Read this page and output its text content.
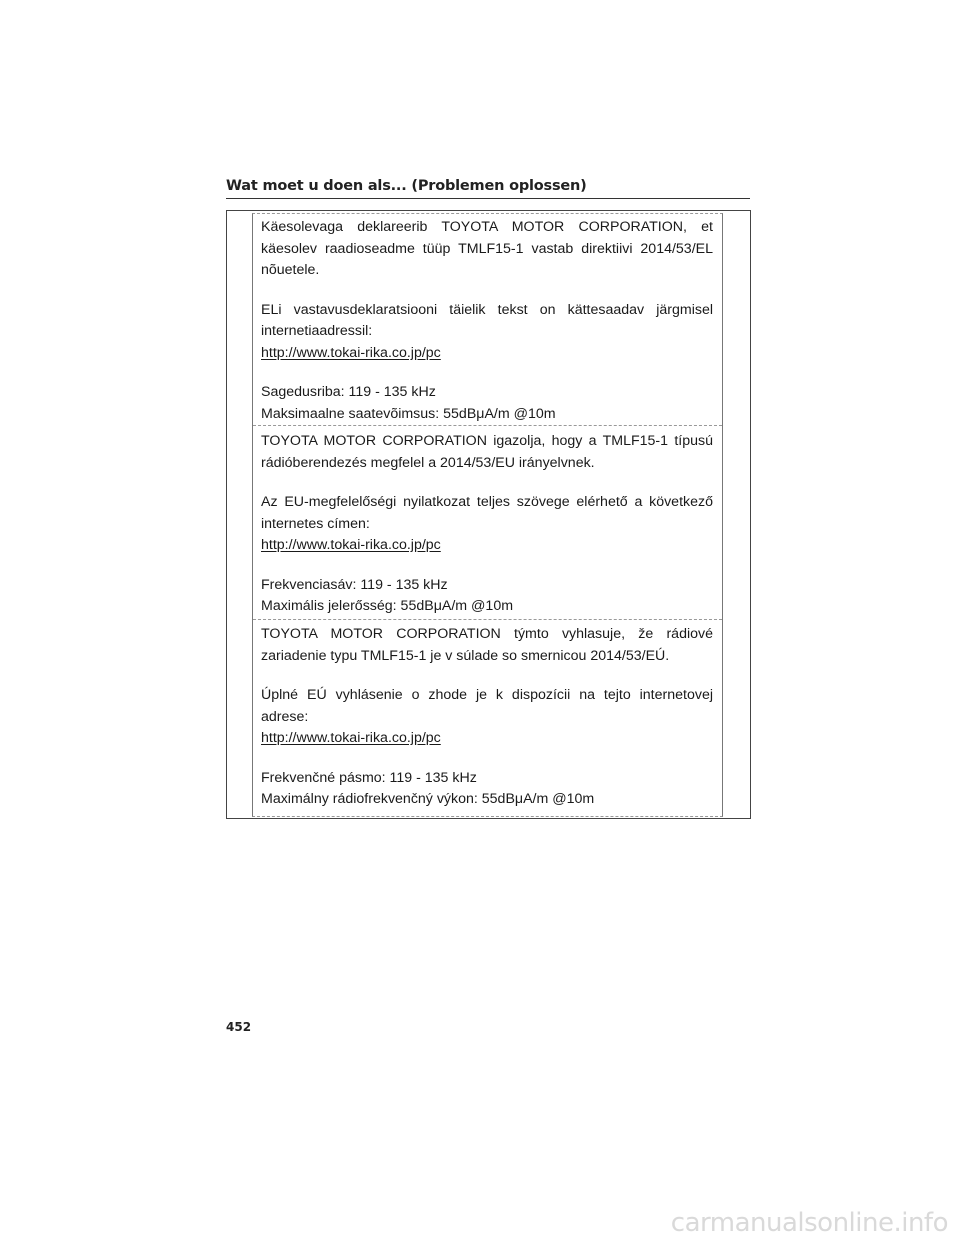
Wat moet u doen als... (Problemen oplossen)

Käesolevaga deklareerib TOYOTA MOTOR CORPORATION, et käesolev raadioseadme tüüp TMLF15-1 vastab direktiivi 2014/53/EL nõuetele.

ELi vastavusdeklaratsiooni täielik tekst on kättesaadav järgmisel internetiaadressil:

http://www.tokai-rika.co.jp/pc

Sagedusriba: 119 - 135 kHz

Maksimaalne saatevõimsus: 55dBμA/m @10m

TOYOTA MOTOR CORPORATION igazolja, hogy a TMLF15-1 típusú rádióberendezés megfelel a 2014/53/EU irányelvnek.

Az EU-megfelelőségi nyilatkozat teljes szövege elérhető a következő internetes címen:

http://www.tokai-rika.co.jp/pc

Frekvenciasáv: 119 - 135 kHz

Maximális jelerősség: 55dBμA/m @10m

TOYOTA MOTOR CORPORATION týmto vyhlasuje, že rádiové zariadenie typu TMLF15-1 je v súlade so smernicou 2014/53/EÚ.

Úplné EÚ vyhlásenie o zhode je k dispozícii na tejto internetovej adrese:

http://www.tokai-rika.co.jp/pc

Frekvenčné pásmo: 119 - 135 kHz

Maximálny rádiofrekvenčný výkon: 55dBμA/m @10m

452
carmanualsonline.info
